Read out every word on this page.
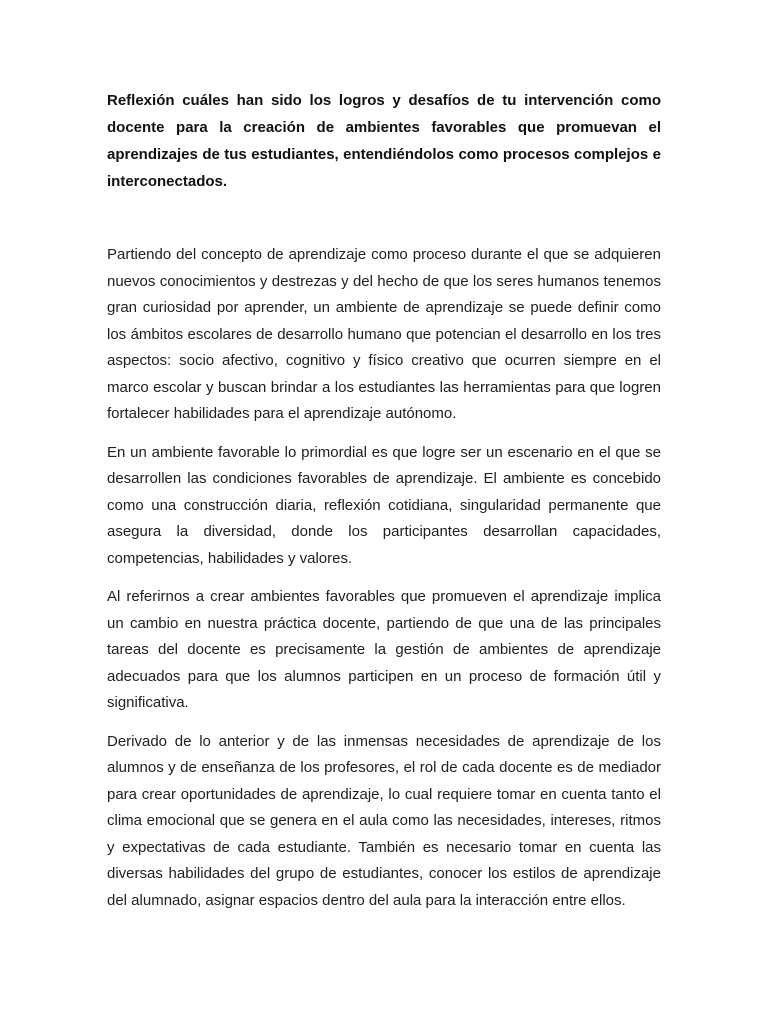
Reflexión cuáles han sido los logros y desafíos de tu intervención como docente para la creación de ambientes favorables que promuevan el aprendizajes de tus estudiantes, entendiéndolos como procesos complejos e interconectados.

Partiendo del concepto de aprendizaje como proceso durante el que se adquieren nuevos conocimientos y destrezas y del hecho de que los seres humanos tenemos gran curiosidad por aprender, un ambiente de aprendizaje se puede definir como los ámbitos escolares de desarrollo humano que potencian el desarrollo en los tres aspectos: socio afectivo, cognitivo y físico creativo que ocurren siempre en el marco escolar y buscan brindar a los estudiantes las herramientas para que logren fortalecer habilidades para el aprendizaje autónomo.

En un ambiente favorable lo primordial es que logre ser un escenario en el que se desarrollen las condiciones favorables de aprendizaje. El ambiente es concebido como una construcción diaria, reflexión cotidiana, singularidad permanente que asegura la diversidad, donde los participantes desarrollan capacidades, competencias, habilidades y valores.

Al referirnos a crear ambientes favorables que promueven el aprendizaje implica un cambio en nuestra práctica docente, partiendo de que una de las principales tareas del docente es precisamente la gestión de ambientes de aprendizaje adecuados para que los alumnos participen en un proceso de formación útil y significativa.

Derivado de lo anterior y de las inmensas necesidades de aprendizaje de los alumnos y de enseñanza de los profesores, el rol de cada docente es de mediador para crear oportunidades de aprendizaje, lo cual requiere tomar en cuenta tanto el clima emocional que se genera en el aula como las necesidades, intereses, ritmos y expectativas de cada estudiante. También es necesario tomar en cuenta las diversas habilidades del grupo de estudiantes, conocer los estilos de aprendizaje del alumnado, asignar espacios dentro del aula para la interacción entre ellos.
